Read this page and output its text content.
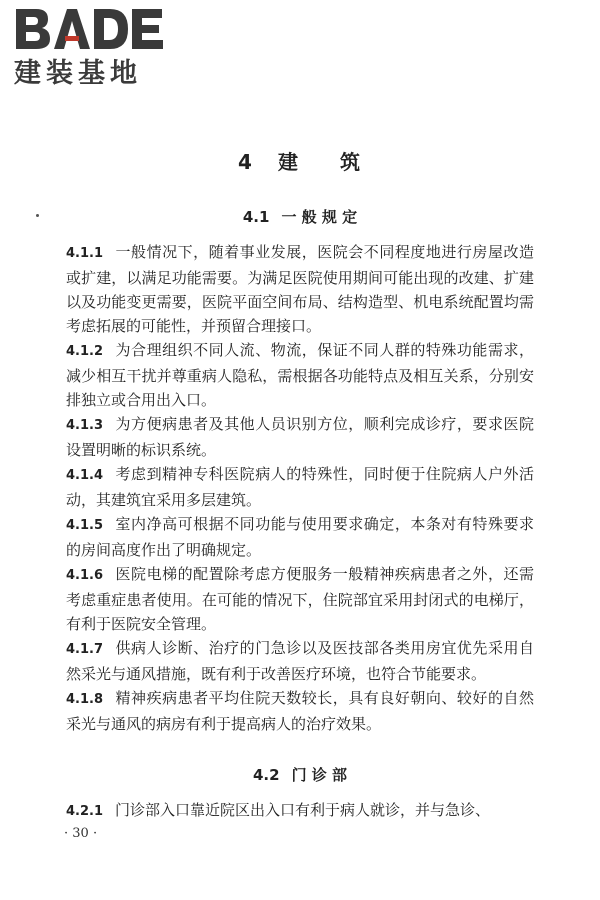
建装基地
4 建 筑
4.1 一 般 规 定

4.1.1 一般情况下，随着事业发展，医院会不同程度地进行房屋改造或扩建，以满足功能需要。为满足医院使用期间可能出现的改建、扩建以及功能变更需要，医院平面空间布局、结构造型、机电系统配置均需考虑拓展的可能性，并预留合理接口。

4.1.2 为合理组织不同人流、物流，保证不同人群的特殊功能需求，减少相互干扰并尊重病人隐私，需根据各功能特点及相互关系，分别安排独立或合用出入口。

4.1.3 为方便病患者及其他人员识别方位，顺利完成诊疗，要求医院设置明晰的标识系统。

4.1.4 考虑到精神专科医院病人的特殊性，同时便于住院病人户外活动，其建筑宜采用多层建筑。

4.1.5 室内净高可根据不同功能与使用要求确定，本条对有特殊要求的房间高度作出了明确规定。

4.1.6 医院电梯的配置除考虑方便服务一般精神疾病患者之外，还需考虑重症患者使用。在可能的情况下，住院部宜采用封闭式的电梯厅，有利于医院安全管理。

4.1.7 供病人诊断、治疗的门急诊以及医技部各类用房宜优先采用自然采光与通风措施，既有利于改善医疗环境，也符合节能要求。

4.1.8 精神疾病患者平均住院天数较长，具有良好朝向、较好的自然采光与通风的病房有利于提高病人的治疗效果。

4.2 门 诊 部

4.2.1 门诊部入口靠近院区出入口有利于病人就诊，并与急诊、

· 30 ·
